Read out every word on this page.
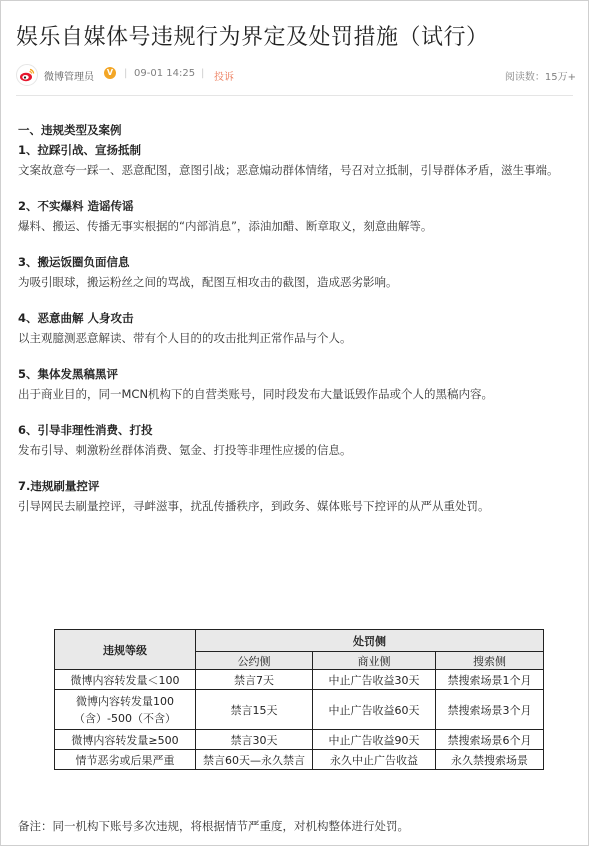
娱乐自媒体号违规行为界定及处罚措施（试行）
微博管理员	V | 09-01 14:25 | 投诉	阅读数：15万+

一、违规类型及案例

1、拉踩引战、宣扬抵制

文案故意夸一踩一、恶意配图，意图引战；恶意煽动群体情绪，号召对立抵制，引导群体矛盾，滋生事端。

2、不实爆料 造谣传谣

爆料、搬运、传播无事实根据的“内部消息”，添油加醋、断章取义，刻意曲解等。

3、搬运饭圈负面信息

为吸引眼球，搬运粉丝之间的骂战，配图互相攻击的截图，造成恶劣影响。

4、恶意曲解 人身攻击

以主观臆测恶意解读、带有个人目的的攻击批判正常作品与个人。

5、集体发黑稿黑评

出于商业目的，同一MCN机构下的自营类账号，同时段发布大量诋毁作品或个人的黑稿内容。

6、引导非理性消费、打投

发布引导、刺激粉丝群体消费、氪金、打投等非理性应援的信息。

7.违规刷量控评

引导网民去刷量控评，寻衅滋事，扰乱传播秩序，到政务、媒体账号下控评的从严从重处罚。

违规等级	处罚侧		
	公约侧	商业侧	搜索侧
微博内容转发量＜100	禁言7天	中止广告收益30天	禁搜索场景1个月
微博内容转发量100（含）-500（不含）	禁言15天	中止广告收益60天	禁搜索场景3个月
微博内容转发量≥500	禁言30天	中止广告收益90天	禁搜索场景6个月
情节恶劣或后果严重	禁言60天—永久禁言	永久中止广告收益	永久禁搜索场景
备注：同一机构下账号多次违规，将根据情节严重度，对机构整体进行处罚。
